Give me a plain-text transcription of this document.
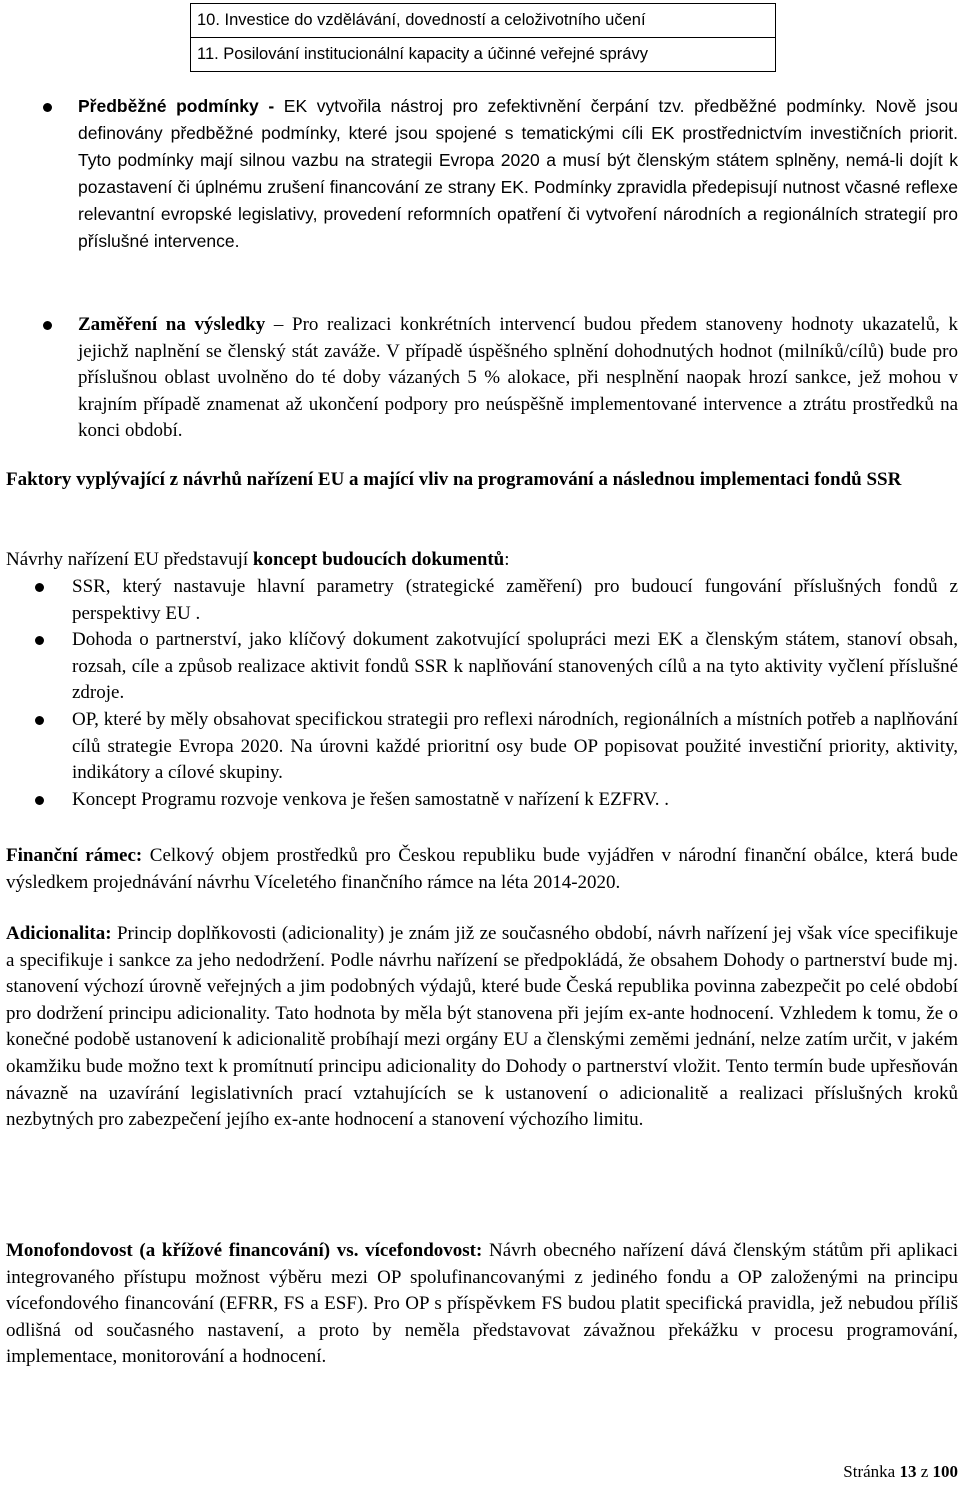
10. Investice do vzdělávání, dovedností a celoživotního učení
11. Posilování institucionální kapacity a účinné veřejné správy
Předběžné podmínky - EK vytvořila nástroj pro zefektivnění čerpání tzv. předběžné podmínky. Nově jsou definovány předběžné podmínky, které jsou spojené s tematickými cíli EK prostřednictvím investičních priorit. Tyto podmínky mají silnou vazbu na strategii Evropa 2020 a musí být členským státem splněny, nemá-li dojít k pozastavení či úplnému zrušení financování ze strany EK. Podmínky zpravidla předepisují nutnost včasné reflexe relevantní evropské legislativy, provedení reformních opatření či vytvoření národních a regionálních strategií pro příslušné intervence.
Zaměření na výsledky – Pro realizaci konkrétních intervencí budou předem stanoveny hodnoty ukazatelů, k jejichž naplnění se členský stát zaváže. V případě úspěšného splnění dohodnutých hodnot (milníků/cílů) bude pro příslušnou oblast uvolněno do té doby vázaných 5 % alokace, při nesplnění naopak hrozí sankce, jež mohou v krajním případě znamenat až ukončení podpory pro neúspěšně implementované intervence a ztrátu prostředků na konci období.
Faktory vyplývající z návrhů nařízení EU a mající vliv na programování a následnou implementaci fondů SSR
Návrhy nařízení EU představují koncept budoucích dokumentů:
SSR, který nastavuje hlavní parametry (strategické zaměření) pro budoucí fungování příslušných fondů z perspektivy EU .
Dohoda o partnerství, jako klíčový dokument zakotvující spolupráci mezi EK a členským státem, stanoví obsah, rozsah, cíle a způsob realizace aktivit fondů SSR k naplňování stanovených cílů a na tyto aktivity vyčlení příslušné zdroje.
OP, které by měly obsahovat specifickou strategii pro reflexi národních, regionálních a místních potřeb a naplňování cílů strategie Evropa 2020. Na úrovni každé prioritní osy bude OP popisovat použité investiční priority, aktivity, indikátory a cílové skupiny.
Koncept Programu rozvoje venkova je řešen samostatně v nařízení k EZFRV. .
Finanční rámec: Celkový objem prostředků pro Českou republiku bude vyjádřen v národní finanční obálce, která bude výsledkem projednávání návrhu Víceletého finančního rámce na léta 2014-2020.
Adicionalita: Princip doplňkovosti (adicionality) je znám již ze současného období, návrh nařízení jej však více specifikuje a specifikuje i sankce za jeho nedodržení. Podle návrhu nařízení se předpokládá, že obsahem Dohody o partnerství bude mj. stanovení výchozí úrovně veřejných a jim podobných výdajů, které bude Česká republika povinna zabezpečit po celé období pro dodržení principu adicionality. Tato hodnota by měla být stanovena při jejím ex-ante hodnocení. Vzhledem k tomu, že o konečné podobě ustanovení k adicionalitě probíhají mezi orgány EU a členskými zeměmi jednání, nelze zatím určit, v jakém okamžiku bude možno text k promítnutí principu adicionality do Dohody o partnerství vložit. Tento termín bude upřesňován návazně na uzavírání legislativních prací vztahujících se k ustanovení o adicionalitě a realizaci příslušných kroků nezbytných pro zabezpečení jejího ex-ante hodnocení a stanovení výchozího limitu.
Monofondovost (a křížové financování) vs. vícefondovost: Návrh obecného nařízení dává členským státům při aplikaci integrovaného přístupu možnost výběru mezi OP spolufinancovanými z jediného fondu a OP založenými na principu vícefondového financování (EFRR, FS a ESF). Pro OP s příspěvkem FS budou platit specifická pravidla, jež nebudou příliš odlišná od současného nastavení, a proto by neměla představovat závažnou překážku v procesu programování, implementace, monitorování a hodnocení.
Stránka 13 z 100
